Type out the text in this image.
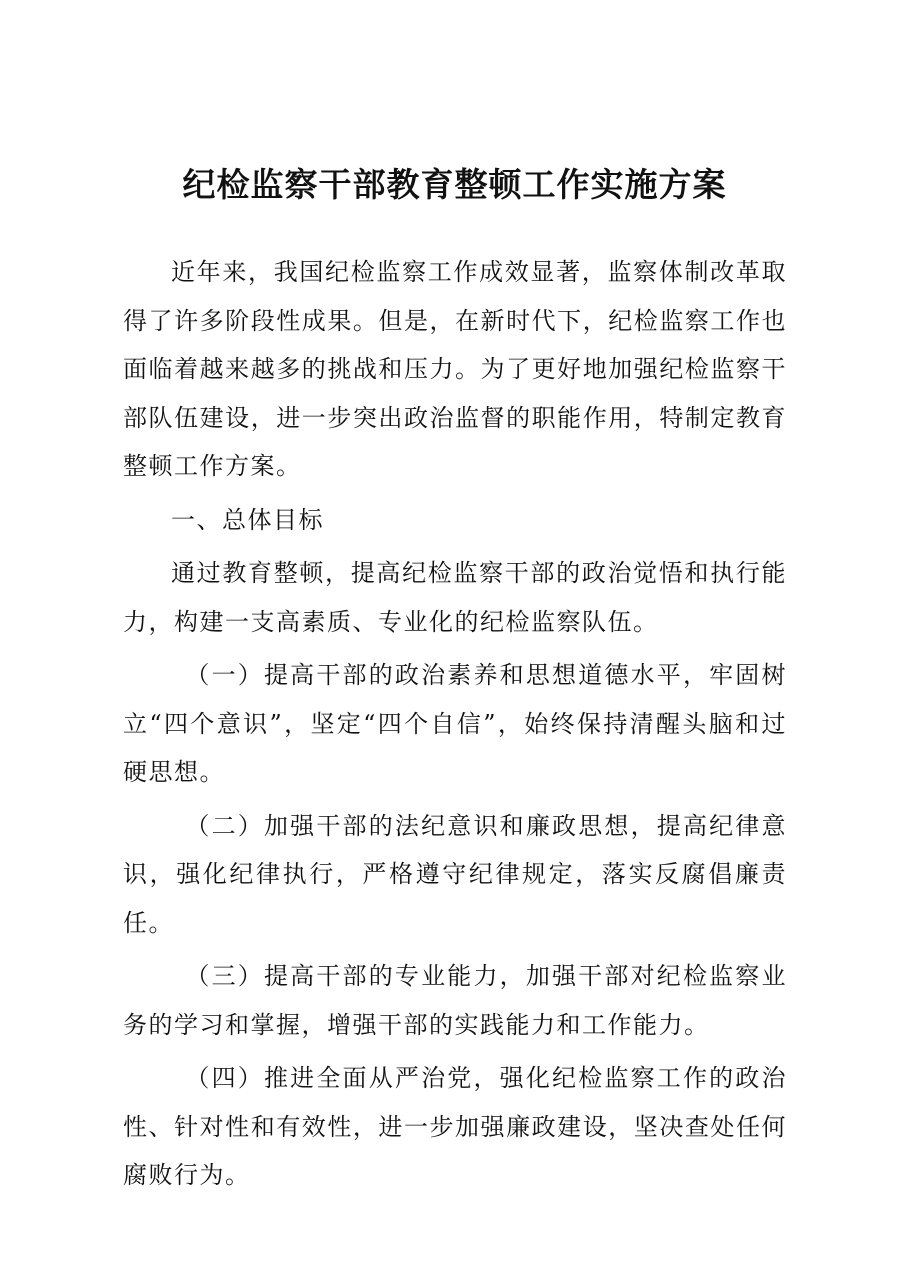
纪检监察干部教育整顿工作实施方案

近年来，我国纪检监察工作成效显著，监察体制改革取得了许多阶段性成果。但是，在新时代下，纪检监察工作也面临着越来越多的挑战和压力。为了更好地加强纪检监察干部队伍建设，进一步突出政治监督的职能作用，特制定教育整顿工作方案。

一、总体目标

通过教育整顿，提高纪检监察干部的政治觉悟和执行能力，构建一支高素质、专业化的纪检监察队伍。

（一）提高干部的政治素养和思想道德水平，牢固树立“四个意识”，坚定“四个自信”，始终保持清醒头脑和过硬思想。

（二）加强干部的法纪意识和廉政思想，提高纪律意识，强化纪律执行，严格遵守纪律规定，落实反腐倡廉责任。

（三）提高干部的专业能力，加强干部对纪检监察业务的学习和掌握，增强干部的实践能力和工作能力。

（四）推进全面从严治党，强化纪检监察工作的政治性、针对性和有效性，进一步加强廉政建设，坚决查处任何腐败行为。
